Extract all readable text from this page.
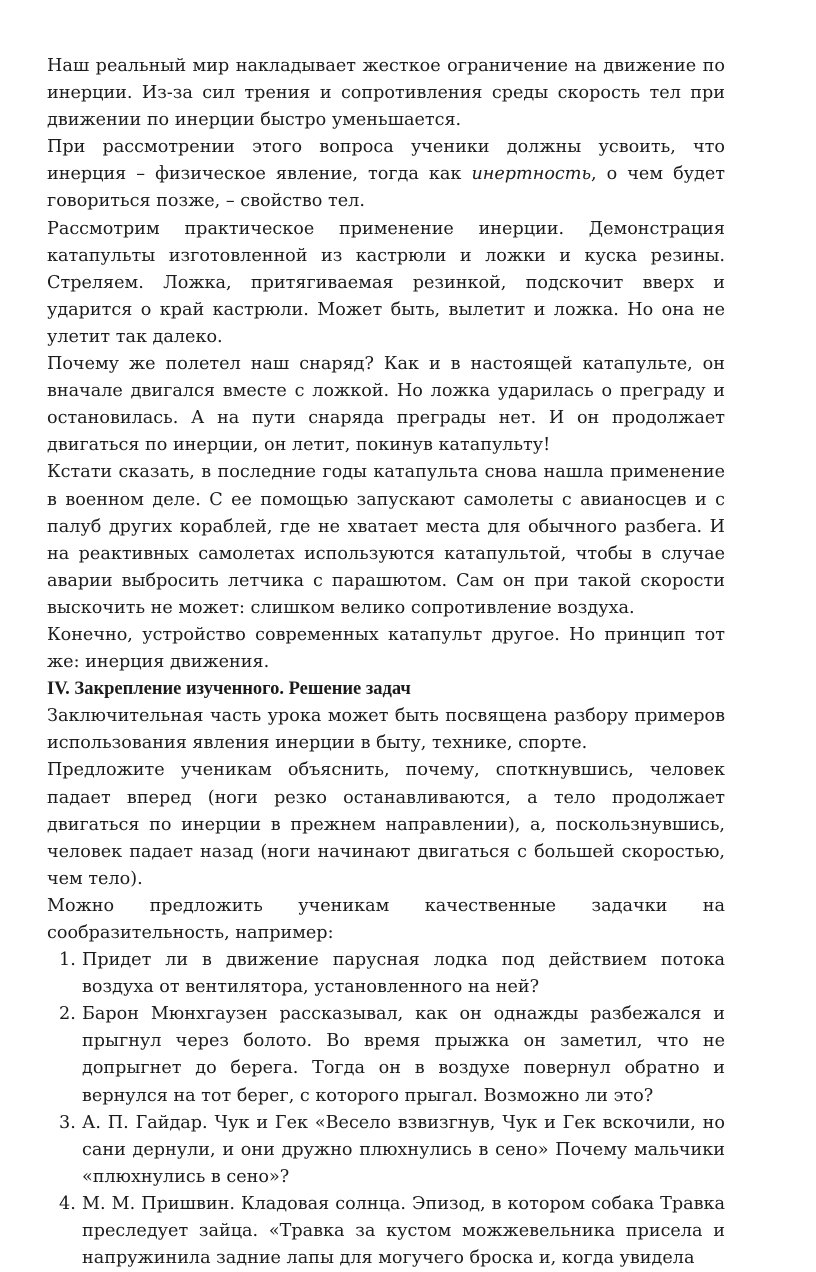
Наш реальный мир накладывает жесткое ограничение на движение по инерции. Из-за сил трения и сопротивления среды скорость тел при движении по инерции быстро уменьшается.

При рассмотрении этого вопроса ученики должны усвоить, что инерция – физическое явление, тогда как инертность, о чем будет говориться позже, – свойство тел.

Рассмотрим практическое применение инерции. Демонстрация катапульты изготовленной из кастрюли и ложки и куска резины. Стреляем. Ложка, притягиваемая резинкой, подскочит вверх и ударится о край кастрюли. Может быть, вылетит и ложка. Но она не улетит так далеко.

Почему же полетел наш снаряд? Как и в настоящей катапульте, он вначале двигался вместе с ложкой. Но ложка ударилась о преграду и остановилась. А на пути снаряда преграды нет. И он продолжает двигаться по инерции, он летит, покинув катапульту!

Кстати сказать, в последние годы катапульта снова нашла применение в военном деле. С ее помощью запускают самолеты с авианосцев и с палуб других кораблей, где не хватает места для обычного разбега. И на реактивных самолетах используются катапультой, чтобы в случае аварии выбросить летчика с парашютом. Сам он при такой скорости выскочить не может: слишком велико сопротивление воздуха.

Конечно, устройство современных катапульт другое. Но принцип тот же: инерция движения.

IV. Закрепление изученного. Решение задач

Заключительная часть урока может быть посвящена разбору примеров использования явления инерции в быту, технике, спорте.

Предложите ученикам объяснить, почему, споткнувшись, человек падает вперед (ноги резко останавливаются, а тело продолжает двигаться по инерции в прежнем направлении), а, поскользнувшись, человек падает назад (ноги начинают двигаться с большей скоростью, чем тело).

Можно предложить ученикам качественные задачки на сообразительность, например:

1. Придет ли в движение парусная лодка под действием потока воздуха от вентилятора, установленного на ней?
2. Барон Мюнхгаузен рассказывал, как он однажды разбежался и прыгнул через болото. Во время прыжка он заметил, что не допрыгнет до берега. Тогда он в воздухе повернул обратно и вернулся на тот берег, с которого прыгал. Возможно ли это?
3. А. П. Гайдар. Чук и Гек «Весело взвизгнув, Чук и Гек вскочили, но сани дернули, и они дружно плюхнулись в сено» Почему мальчики «плюхнулись в сено»?
4. М. М. Пришвин. Кладовая солнца. Эпизод, в котором собака Травка преследует зайца. «Травка за кустом можжевельника присела и напружинила задние лапы для могучего броска и, когда увидела
